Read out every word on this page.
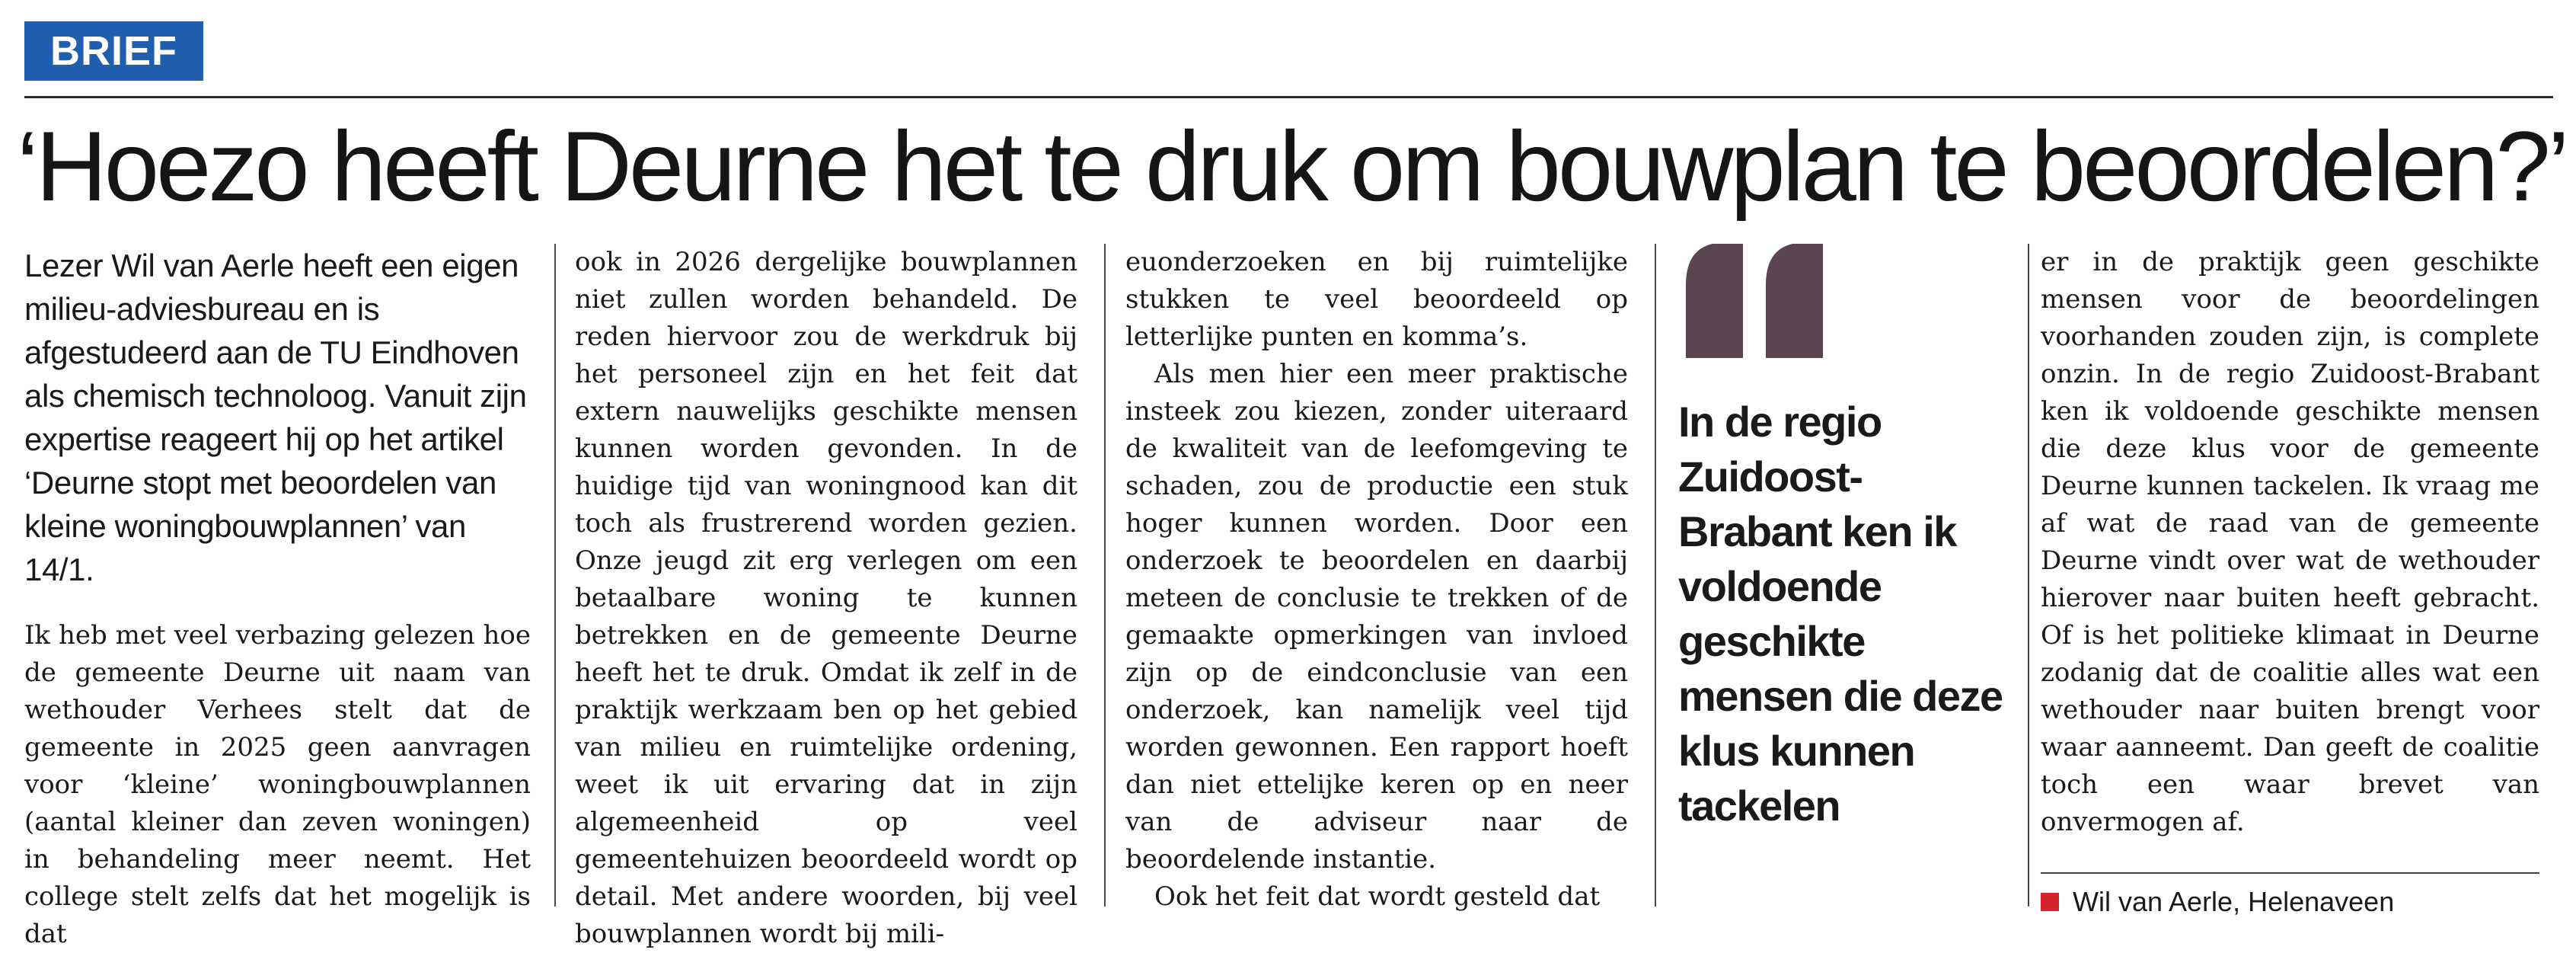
BRIEF
‘Hoezo heeft Deurne het te druk om bouwplan te beoordelen?’

Lezer Wil van Aerle heeft een eigen milieu-adviesbureau en is afgestudeerd aan de TU Eindhoven als chemisch technoloog. Vanuit zijn expertise reageert hij op het artikel ‘Deurne stopt met beoordelen van kleine woningbouwplannen’ van 14/1.

Ik heb met veel verbazing gelezen hoe de gemeente Deurne uit naam van wethouder Verhees stelt dat de gemeente in 2025 geen aanvragen voor ‘kleine’ woningbouwplannen (aantal kleiner dan zeven woningen) in behandeling meer neemt. Het college stelt zelfs dat het mogelijk is dat

ook in 2026 dergelijke bouwplannen niet zullen worden behandeld. De reden hiervoor zou de werkdruk bij het personeel zijn en het feit dat extern nauwelijks geschikte mensen kunnen worden gevonden. In de huidige tijd van woningnood kan dit toch als frustrerend worden gezien. Onze jeugd zit erg verlegen om een betaalbare woning te kunnen betrekken en de gemeente Deurne heeft het te druk. Omdat ik zelf in de praktijk werkzaam ben op het gebied van milieu en ruimtelijke ordening, weet ik uit ervaring dat in zijn algemeenheid op veel gemeentehuizen beoordeeld wordt op detail. Met andere woorden, bij veel bouwplannen wordt bij mili-

euonderzoeken en bij ruimtelijke stukken te veel beoordeeld op letterlijke punten en komma’s.

Als men hier een meer praktische insteek zou kiezen, zonder uiteraard de kwaliteit van de leefomgeving te schaden, zou de productie een stuk hoger kunnen worden. Door een onderzoek te beoordelen en daarbij meteen de conclusie te trekken of de gemaakte opmerkingen van invloed zijn op de eindconclusie van een onderzoek, kan namelijk veel tijd worden gewonnen. Een rapport hoeft dan niet ettelijke keren op en neer van de adviseur naar de beoordelende instantie.

Ook het feit dat wordt gesteld dat

In de regio Zuidoost-Brabant ken ik voldoende geschikte mensen die deze klus kunnen tackelen

er in de praktijk geen geschikte mensen voor de beoordelingen voorhanden zouden zijn, is complete onzin. In de regio Zuidoost-Brabant ken ik voldoende geschikte mensen die deze klus voor de gemeente Deurne kunnen tackelen. Ik vraag me af wat de raad van de gemeente Deurne vindt over wat de wethouder hierover naar buiten heeft gebracht. Of is het politieke klimaat in Deurne zodanig dat de coalitie alles wat een wethouder naar buiten brengt voor waar aanneemt. Dan geeft de coalitie toch een waar brevet van onvermogen af.

Wil van Aerle, Helenaveen
